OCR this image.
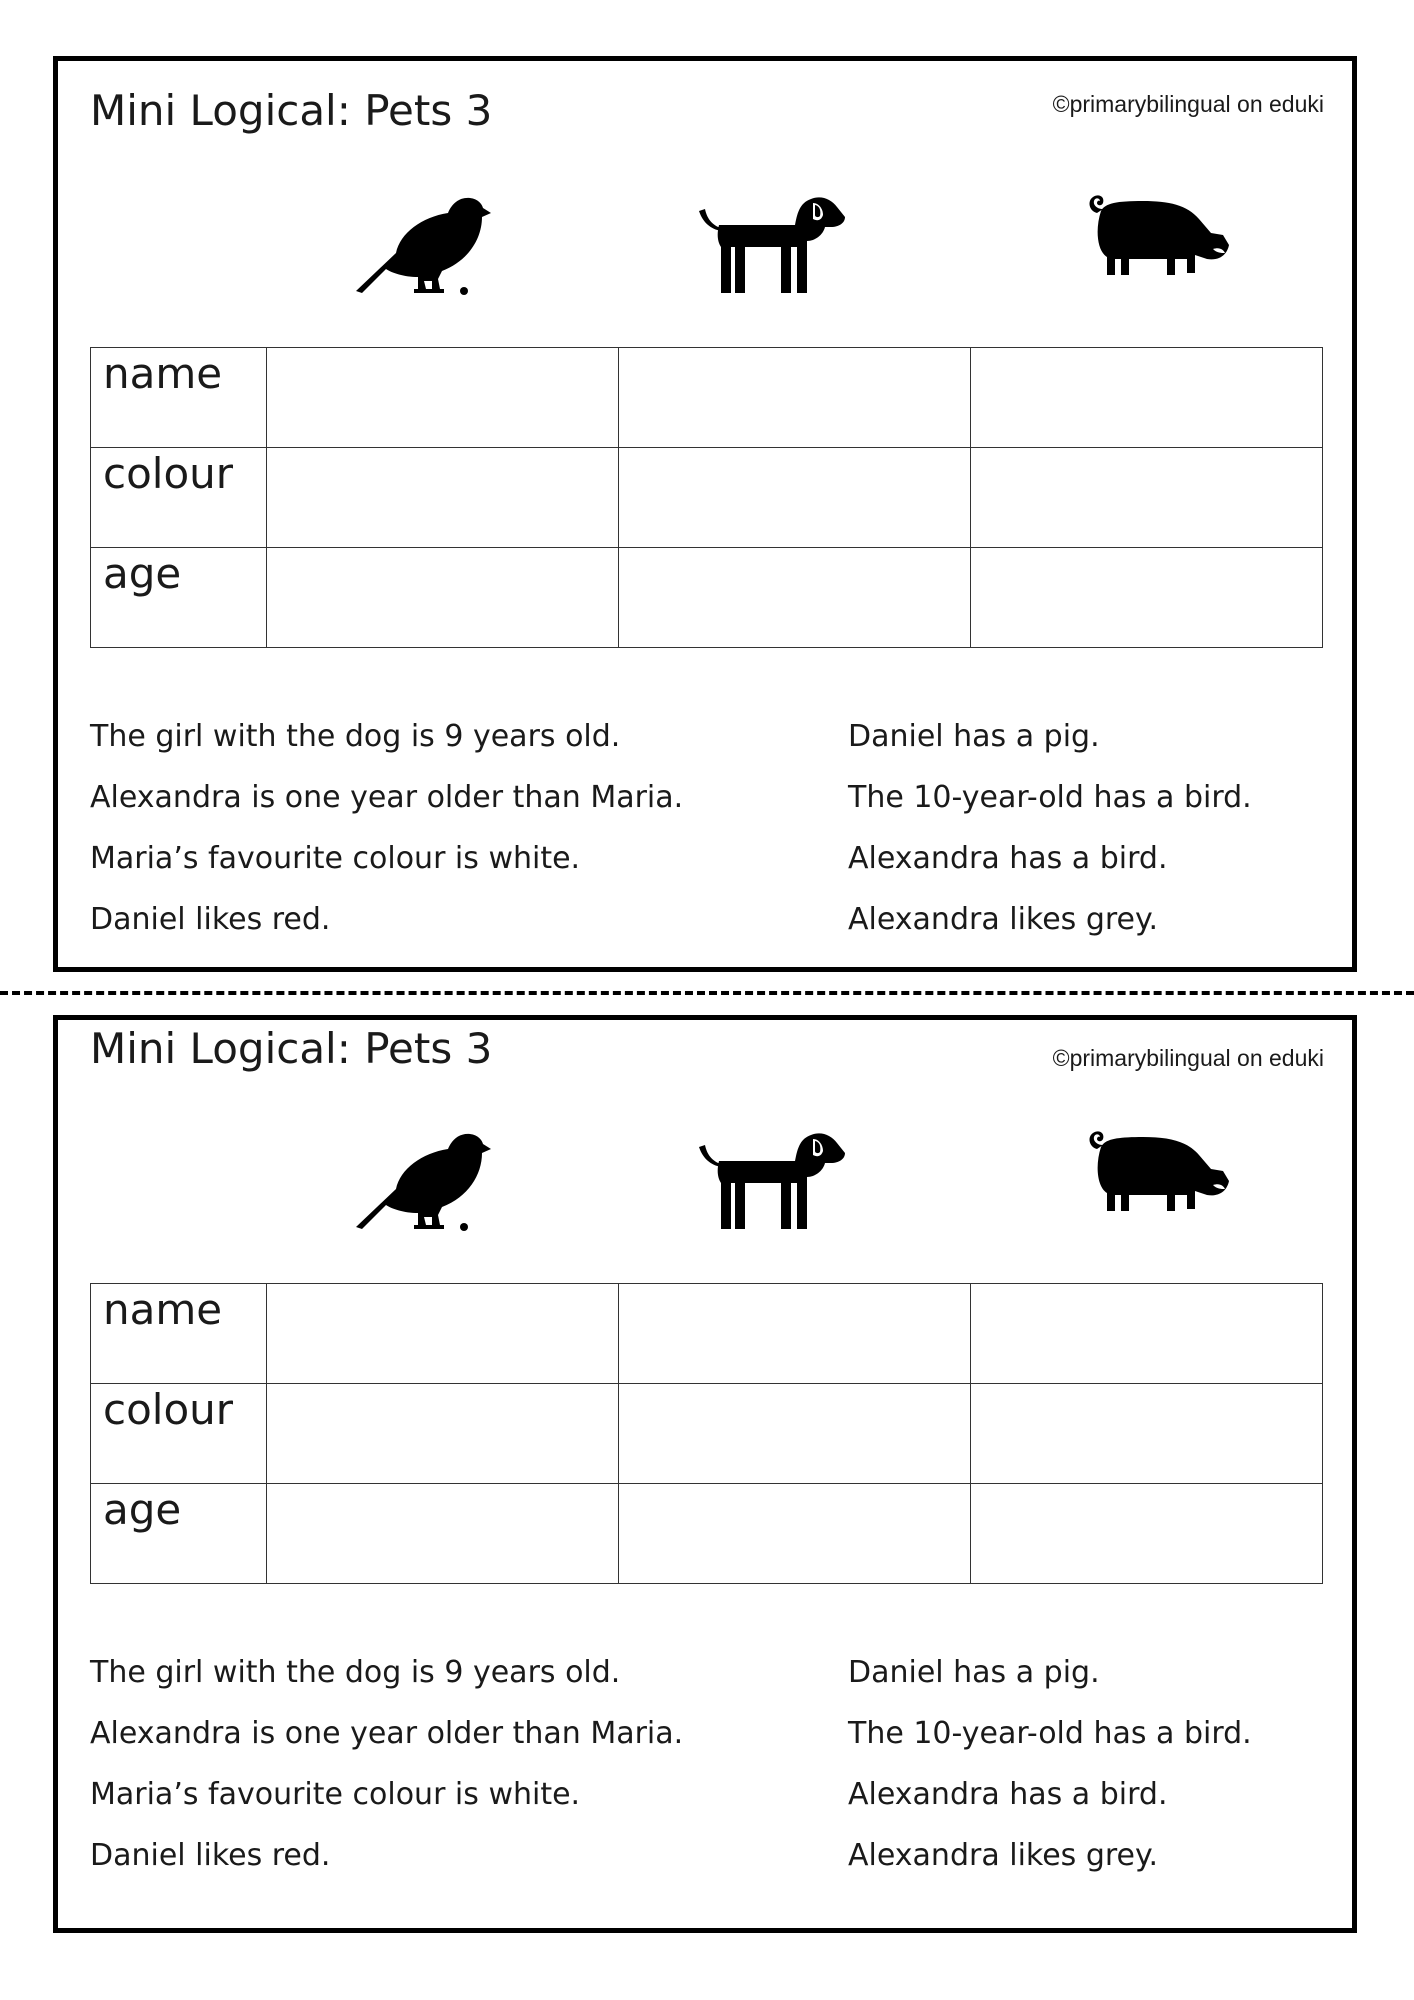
Mini Logical: Pets 3	©primarybilingual on eduki
name			
colour			
age			
The girl with the dog is 9 years old.
Alexandra is one year older than Maria.
Maria’s favourite colour is white.
Daniel likes red.
Daniel has a pig.
The 10-year-old has a bird.
Alexandra has a bird.
Alexandra likes grey.
Mini Logical: Pets 3	©primarybilingual on eduki
name			
colour			
age			
The girl with the dog is 9 years old.
Alexandra is one year older than Maria.
Maria’s favourite colour is white.
Daniel likes red.
Daniel has a pig.
The 10-year-old has a bird.
Alexandra has a bird.
Alexandra likes grey.
